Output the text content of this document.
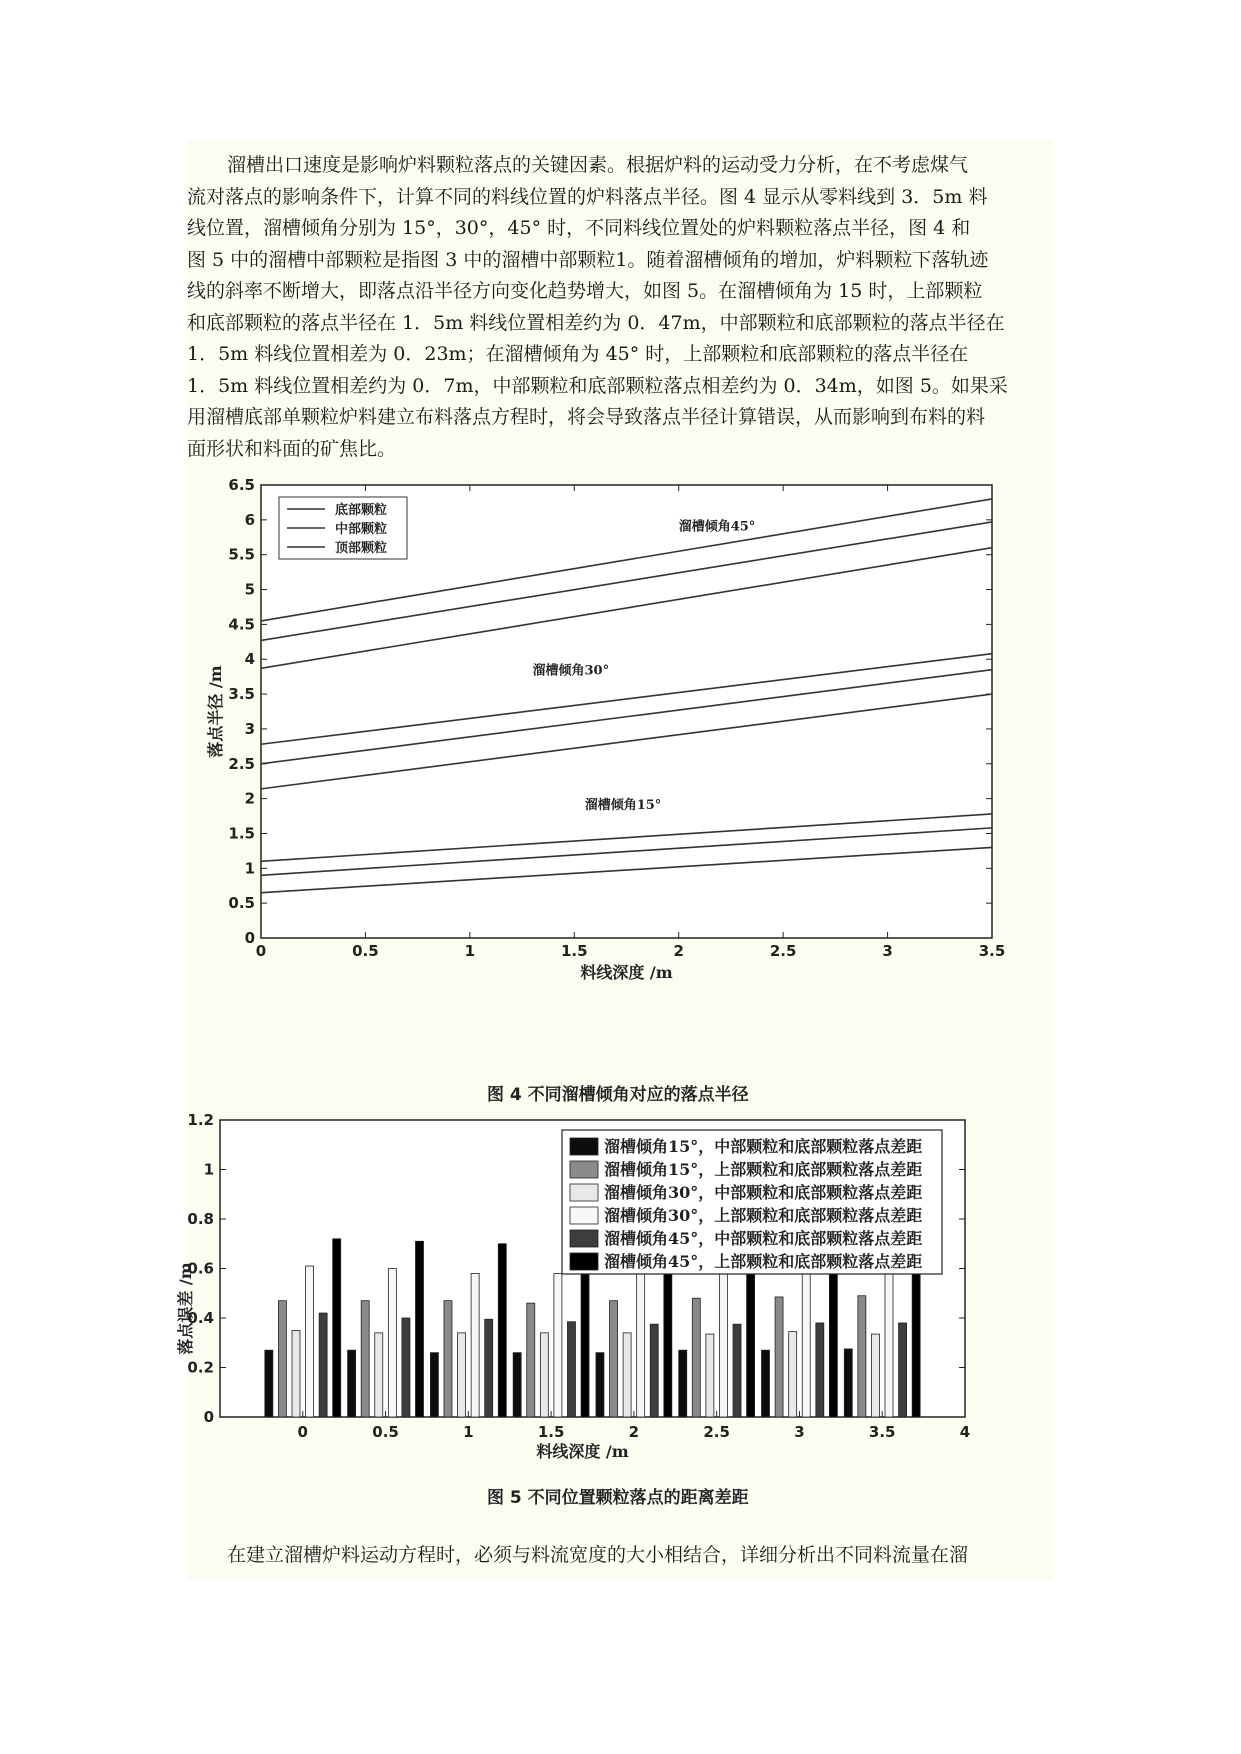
溜槽出口速度是影响炉料颗粒落点的关键因素。根据炉料的运动受力分析，在不考虑煤气
流对落点的影响条件下，计算不同的料线位置的炉料落点半径。图 4 显示从零料线到 3．5m 料
线位置，溜槽倾角分别为 15°，30°，45° 时，不同料线位置处的炉料颗粒落点半径，图 4 和
图 5 中的溜槽中部颗粒是指图 3 中的溜槽中部颗粒1。随着溜槽倾角的增加，炉料颗粒下落轨迹
线的斜率不断增大，即落点沿半径方向变化趋势增大，如图 5。在溜槽倾角为 15 时，上部颗粒
和底部颗粒的落点半径在 1．5m 料线位置相差约为 0．47m，中部颗粒和底部颗粒的落点半径在
1．5m 料线位置相差为 0．23m；在溜槽倾角为 45° 时，上部颗粒和底部颗粒的落点半径在
1．5m 料线位置相差约为 0．7m，中部颗粒和底部颗粒落点相差约为 0．34m，如图 5。如果采
用溜槽底部单颗粒炉料建立布料落点方程时，将会导致落点半径计算错误，从而影响到布料的料
面形状和料面的矿焦比。

0	0.5	1	1.5	2	2.5	3	3.5
0
0.5
1
1.5
2
2.5
3
3.5
4
4.5
5
5.5
6
6.5
底部颗粒
中部颗粒
顶部颗粒
溜槽倾角45°
溜槽倾角30°
溜槽倾角15°
料线深度 /m
落点半径 /m
图 4 不同溜槽倾角对应的落点半径
0	0.5	1	1.5	2	2.5	3	3.5	4
0
0.2
0.4
0.6
0.8
1
1.2
溜槽倾角15°，中部颗粒和底部颗粒落点差距
溜槽倾角15°，上部颗粒和底部颗粒落点差距
溜槽倾角30°，中部颗粒和底部颗粒落点差距
溜槽倾角30°，上部颗粒和底部颗粒落点差距
溜槽倾角45°，中部颗粒和底部颗粒落点差距
溜槽倾角45°，上部颗粒和底部颗粒落点差距
料线深度 /m
落点误差 /m
图 5 不同位置颗粒落点的距离差距

在建立溜槽炉料运动方程时，必须与料流宽度的大小相结合，详细分析出不同料流量在溜
